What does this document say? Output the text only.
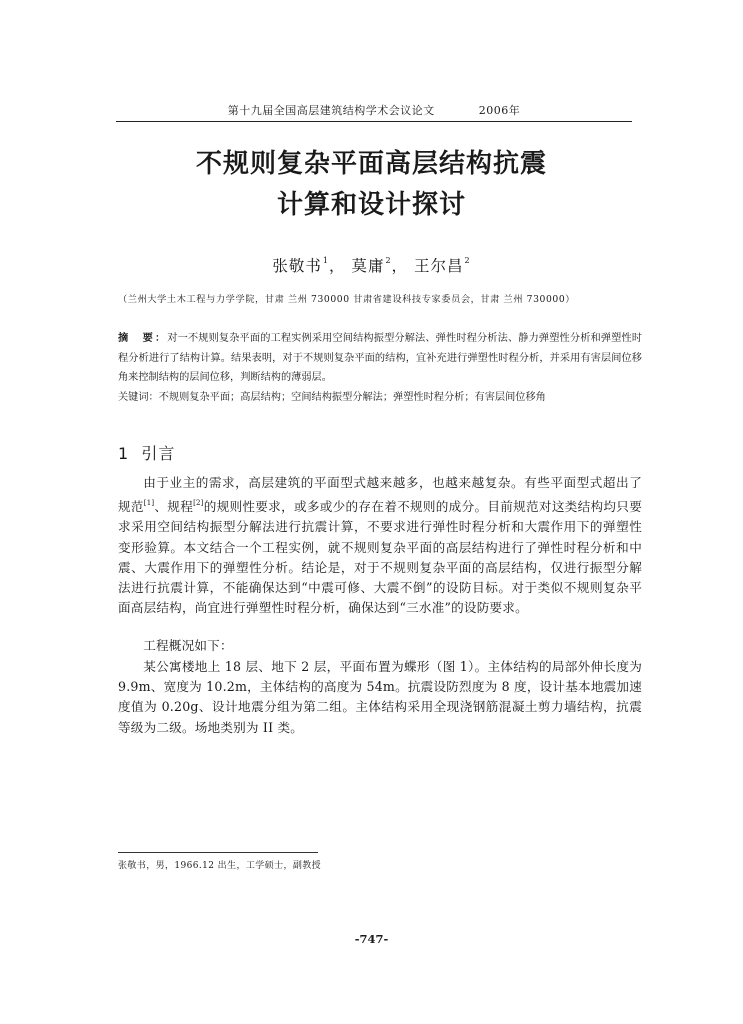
第十九届全国高层建筑结构学术会议论文	2006年
不规则复杂平面高层结构抗震
计算和设计探讨
张敬书$^1$， 莫庸$^2$， 王尔昌$^2$
（兰州大学土木工程与力学学院，甘肃 兰州 730000 甘肃省建设科技专家委员会，甘肃 兰州 730000）
摘　要：对一不规则复杂平面的工程实例采用空间结构振型分解法、弹性时程分析法、静力弹塑性分析和弹塑性时程分析进行了结构计算。结果表明，对于不规则复杂平面的结构，宜补充进行弹塑性时程分析，并采用有害层间位移角来控制结构的层间位移，判断结构的薄弱层。
关键词：不规则复杂平面；高层结构；空间结构振型分解法；弹塑性时程分析；有害层间位移角
1 引言

由于业主的需求，高层建筑的平面型式越来越多，也越来越复杂。有些平面型式超出了规范[1]、规程[2]的规则性要求，或多或少的存在着不规则的成分。目前规范对这类结构均只要求采用空间结构振型分解法进行抗震计算，不要求进行弹性时程分析和大震作用下的弹塑性变形验算。本文结合一个工程实例，就不规则复杂平面的高层结构进行了弹性时程分析和中震、大震作用下的弹塑性分析。结论是，对于不规则复杂平面的高层结构，仅进行振型分解法进行抗震计算，不能确保达到“中震可修、大震不倒”的设防目标。对于类似不规则复杂平面高层结构，尚宜进行弹塑性时程分析，确保达到“三水准”的设防要求。

工程概况如下：

某公寓楼地上 18 层、地下 2 层，平面布置为蝶形（图 1）。主体结构的局部外伸长度为 9.9m、宽度为 10.2m，主体结构的高度为 54m。抗震设防烈度为 8 度，设计基本地震加速度值为 0.20g、设计地震分组为第二组。主体结构采用全现浇钢筋混凝土剪力墙结构，抗震等级为二级。场地类别为 II 类。

张敬书，男，1966.12 出生，工学硕士，副教授
-747-
